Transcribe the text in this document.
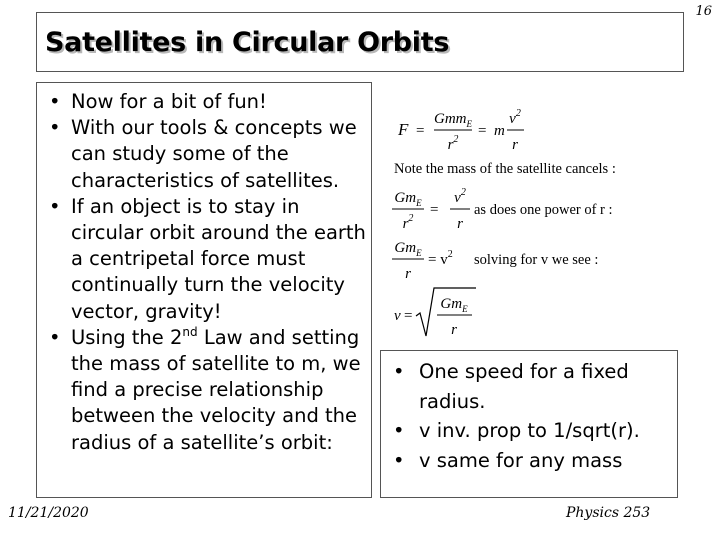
16
Satellites in Circular Orbits
• Now for a bit of fun!
• With our tools & concepts we can study some of the characteristics of satellites.
• If an object is to stay in circular orbit around the earth a centripetal force must continually turn the velocity vector, gravity!
• Using the 2nd Law and setting the mass of satellite to m, we find a precise relationship between the velocity and the radius of a satellite’s orbit:
F =
Gmm$_E$
$r^2$
= m
$v^2$
r
Note the mass of the satellite cancels :
$Gm_E$
$r^2$
=
$v^2$
r
as does one power of r :
$Gm_E$
r
= $v^2$ solving for v we see :
v =
$Gm_E$
r
• One speed for a fixed radius.
• v inv. prop to 1/sqrt(r).
• v same for any mass
11/21/2020	Physics 253
